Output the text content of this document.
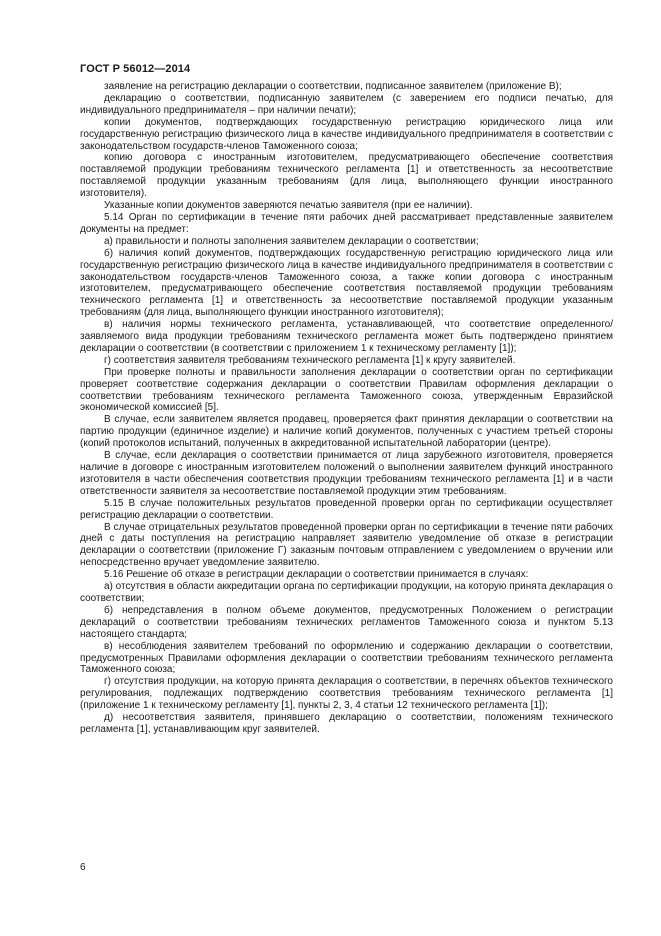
ГОСТ Р 56012—2014

заявление на регистрацию декларации о соответствии, подписанное заявителем (приложение В);

декларацию о соответствии, подписанную заявителем (с заверением его подписи печатью, для индивидуального предпринимателя – при наличии печати);

копии документов, подтверждающих государственную регистрацию юридического лица или государственную регистрацию физического лица в качестве индивидуального предпринимателя в соответствии с законодательством государств-членов Таможенного союза;

копию договора с иностранным изготовителем, предусматривающего обеспечение соответствия поставляемой продукции требованиям технического регламента [1] и ответственность за несоответствие поставляемой продукции указанным требованиям (для лица, выполняющего функции иностранного изготовителя).

Указанные копии документов заверяются печатью заявителя (при ее наличии).

5.14 Орган по сертификации в течение пяти рабочих дней рассматривает представленные заявителем документы на предмет:

а) правильности и полноты заполнения заявителем декларации о соответствии;

б) наличия копий документов, подтверждающих государственную регистрацию юридического лица или государственную регистрацию физического лица в качестве индивидуального предпринимателя в соответствии с законодательством государств-членов Таможенного союза, а также копии договора с иностранным изготовителем, предусматривающего обеспечение соответствия поставляемой продукции требованиям технического регламента [1] и ответственность за несоответствие поставляемой продукции указанным требованиям (для лица, выполняющего функции иностранного изготовителя);

в) наличия нормы технического регламента, устанавливающей, что соответствие определенного/заявляемого вида продукции требованиям технического регламента может быть подтверждено принятием декларации о соответствии (в соответствии с приложением 1 к техническому регламенту [1]);

г) соответствия заявителя требованиям технического регламента [1] к кругу заявителей.

При проверке полноты и правильности заполнения декларации о соответствии орган по сертификации проверяет соответствие содержания декларации о соответствии Правилам оформления декларации о соответствии требованиям технического регламента Таможенного союза, утвержденным Евразийской экономической комиссией [5].

В случае, если заявителем является продавец, проверяется факт принятия декларации о соответствии на партию продукции (единичное изделие) и наличие копий документов, полученных с участием третьей стороны (копий протоколов испытаний, полученных в аккредитованной испытательной лаборатории (центре).

В случае, если декларация о соответствии принимается от лица зарубежного изготовителя, проверяется наличие в договоре с иностранным изготовителем положений о выполнении заявителем функций иностранного изготовителя в части обеспечения соответствия продукции требованиям технического регламента [1] и в части ответственности заявителя за несоответствие поставляемой продукции этим требованиям.

5.15 В случае положительных результатов проведенной проверки орган по сертификации осуществляет регистрацию декларации о соответствии.

В случае отрицательных результатов проведенной проверки орган по сертификации в течение пяти рабочих дней с даты поступления на регистрацию направляет заявителю уведомление об отказе в регистрации декларации о соответствии (приложение Г) заказным почтовым отправлением с уведомлением о вручении или непосредственно вручает уведомление заявителю.

5.16 Решение об отказе в регистрации декларации о соответствии принимается в случаях:

а) отсутствия в области аккредитации органа по сертификации продукции, на которую принята декларация о соответствии;

б) непредставления в полном объеме документов, предусмотренных Положением о регистрации деклараций о соответствии требованиям технических регламентов Таможенного союза и пунктом 5.13 настоящего стандарта;

в) несоблюдения заявителем требований по оформлению и содержанию декларации о соответствии, предусмотренных Правилами оформления декларации о соответствии требованиям технического регламента Таможенного союза;

г) отсутствия продукции, на которую принята декларация о соответствии, в перечнях объектов технического регулирования, подлежащих подтверждению соответствия требованиям технического регламента [1] (приложение 1 к техническому регламенту [1], пункты 2, 3, 4 статьи 12 технического регламента [1]);

д) несоответствия заявителя, принявшего декларацию о соответствии, положениям технического регламента [1], устанавливающим круг заявителей.

6
